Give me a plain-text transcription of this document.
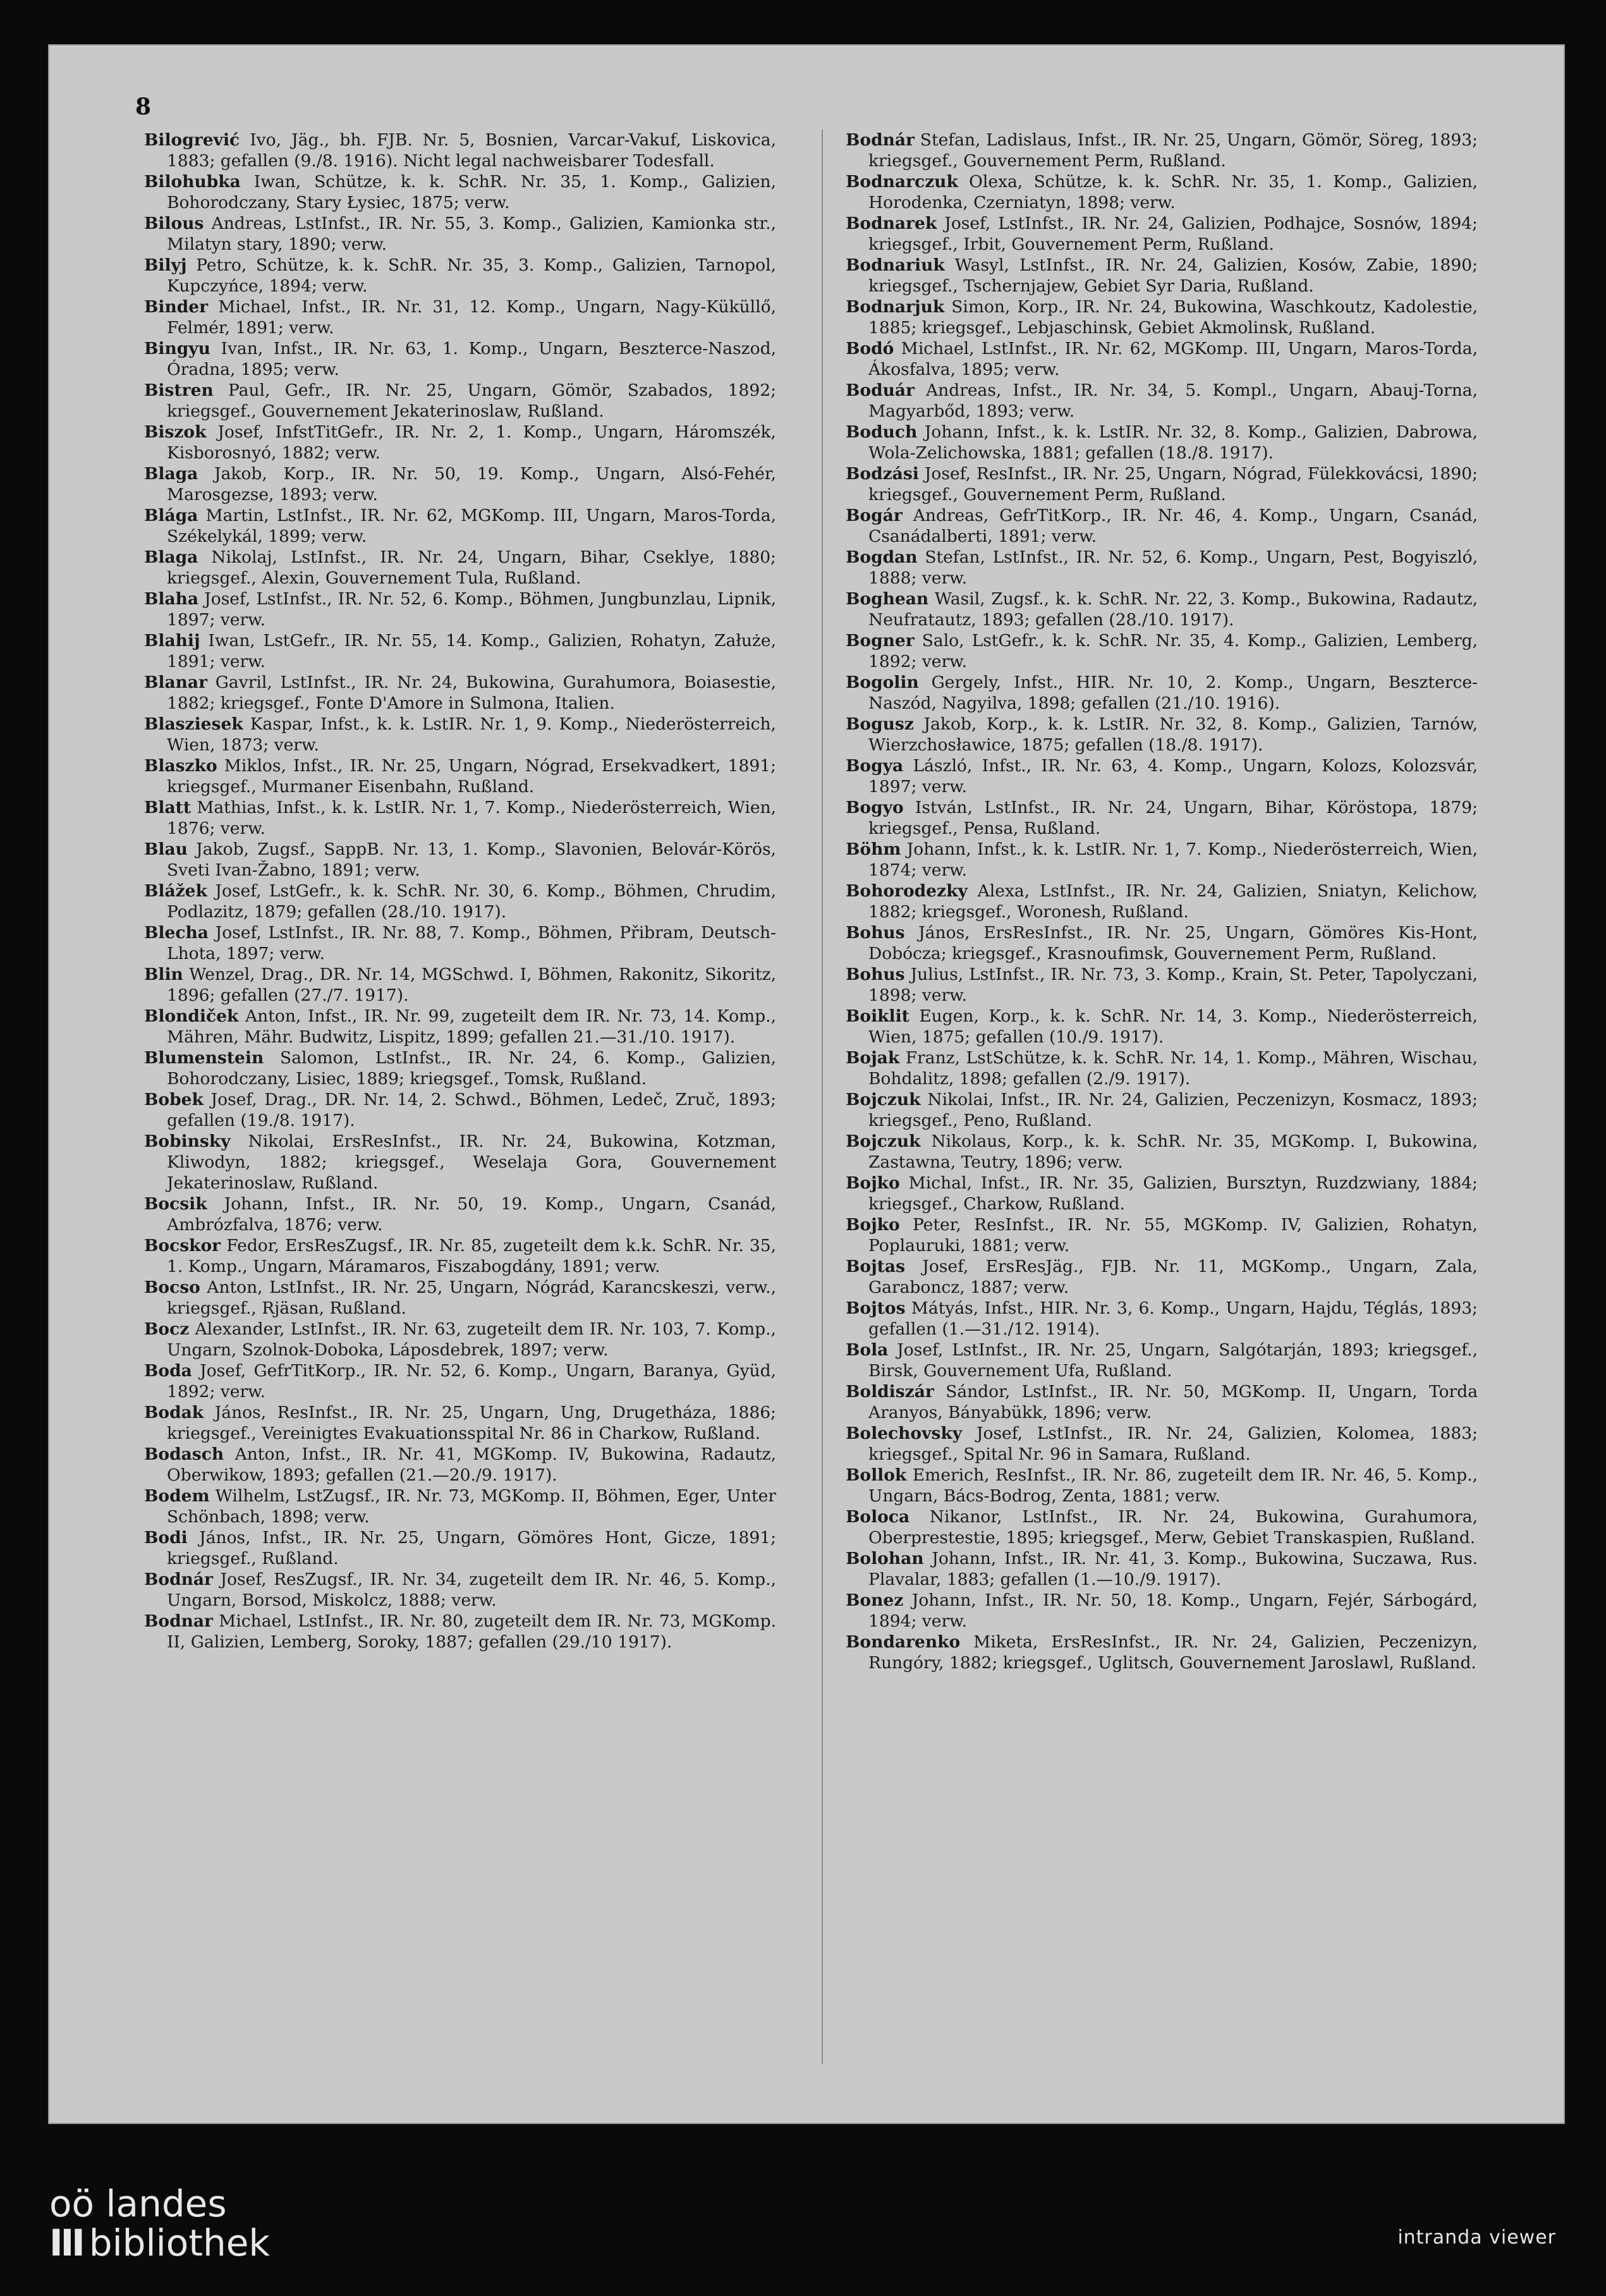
8

Bilogrević Ivo, Jäg., bh. FJB. Nr. 5, Bosnien, Varcar-Vakuf, Liskovica, 1883; gefallen (9./8. 1916). Nicht legal nachweisbarer Todesfall.

Bilohubka Iwan, Schütze, k. k. SchR. Nr. 35, 1. Komp., Galizien, Bohorodczany, Stary Łysiec, 1875; verw.

Bilous Andreas, LstInfst., IR. Nr. 55, 3. Komp., Galizien, Kamionka str., Milatyn stary, 1890; verw.

Bilyj Petro, Schütze, k. k. SchR. Nr. 35, 3. Komp., Galizien, Tarnopol, Kupczyńce, 1894; verw.

Binder Michael, Infst., IR. Nr. 31, 12. Komp., Ungarn, Nagy-Küküllő, Felmér, 1891; verw.

Bingyu Ivan, Infst., IR. Nr. 63, 1. Komp., Ungarn, Beszterce-Naszod, Óradna, 1895; verw.

Bistren Paul, Gefr., IR. Nr. 25, Ungarn, Gömör, Szabados, 1892; kriegsgef., Gouvernement Jekaterinoslaw, Rußland.

Biszok Josef, InfstTitGefr., IR. Nr. 2, 1. Komp., Ungarn, Háromszék, Kisborosnyó, 1882; verw.

Blaga Jakob, Korp., IR. Nr. 50, 19. Komp., Ungarn, Alsó-Fehér, Marosgezse, 1893; verw.

Blága Martin, LstInfst., IR. Nr. 62, MGKomp. III, Ungarn, Maros-Torda, Székelykál, 1899; verw.

Blaga Nikolaj, LstInfst., IR. Nr. 24, Ungarn, Bihar, Cseklye, 1880; kriegsgef., Alexin, Gouvernement Tula, Rußland.

Blaha Josef, LstInfst., IR. Nr. 52, 6. Komp., Böhmen, Jungbunzlau, Lipnik, 1897; verw.

Blahij Iwan, LstGefr., IR. Nr. 55, 14. Komp., Galizien, Rohatyn, Załuże, 1891; verw.

Blanar Gavril, LstInfst., IR. Nr. 24, Bukowina, Gurahumora, Boiasestie, 1882; kriegsgef., Fonte D'Amore in Sulmona, Italien.

Blasziesek Kaspar, Infst., k. k. LstIR. Nr. 1, 9. Komp., Niederösterreich, Wien, 1873; verw.

Blaszko Miklos, Infst., IR. Nr. 25, Ungarn, Nógrad, Ersekvadkert, 1891; kriegsgef., Murmaner Eisenbahn, Rußland.

Blatt Mathias, Infst., k. k. LstIR. Nr. 1, 7. Komp., Niederösterreich, Wien, 1876; verw.

Blau Jakob, Zugsf., SappB. Nr. 13, 1. Komp., Slavonien, Belovár-Körös, Sveti Ivan-Žabno, 1891; verw.

Blážek Josef, LstGefr., k. k. SchR. Nr. 30, 6. Komp., Böhmen, Chrudim, Podlazitz, 1879; gefallen (28./10. 1917).

Blecha Josef, LstInfst., IR. Nr. 88, 7. Komp., Böhmen, Přibram, Deutsch-Lhota, 1897; verw.

Blin Wenzel, Drag., DR. Nr. 14, MGSchwd. I, Böhmen, Rakonitz, Sikoritz, 1896; gefallen (27./7. 1917).

Blondiček Anton, Infst., IR. Nr. 99, zugeteilt dem IR. Nr. 73, 14. Komp., Mähren, Mähr. Budwitz, Lispitz, 1899; gefallen 21.—31./10. 1917).

Blumenstein Salomon, LstInfst., IR. Nr. 24, 6. Komp., Galizien, Bohorodczany, Lisiec, 1889; kriegsgef., Tomsk, Rußland.

Bobek Josef, Drag., DR. Nr. 14, 2. Schwd., Böhmen, Ledeč, Zruč, 1893; gefallen (19./8. 1917).

Bobinsky Nikolai, ErsResInfst., IR. Nr. 24, Bukowina, Kotzman, Kliwodyn, 1882; kriegsgef., Weselaja Gora, Gouvernement Jekaterinoslaw, Rußland.

Bocsik Johann, Infst., IR. Nr. 50, 19. Komp., Ungarn, Csanád, Ambrózfalva, 1876; verw.

Bocskor Fedor, ErsResZugsf., IR. Nr. 85, zugeteilt dem k.k. SchR. Nr. 35, 1. Komp., Ungarn, Máramaros, Fiszabogdány, 1891; verw.

Bocso Anton, LstInfst., IR. Nr. 25, Ungarn, Nógrád, Karancskeszi, verw., kriegsgef., Rjäsan, Rußland.

Bocz Alexander, LstInfst., IR. Nr. 63, zugeteilt dem IR. Nr. 103, 7. Komp., Ungarn, Szolnok-Doboka, Láposdebrek, 1897; verw.

Boda Josef, GefrTitKorp., IR. Nr. 52, 6. Komp., Ungarn, Baranya, Gyüd, 1892; verw.

Bodak János, ResInfst., IR. Nr. 25, Ungarn, Ung, Drugetháza, 1886; kriegsgef., Vereinigtes Evakuationsspital Nr. 86 in Charkow, Rußland.

Bodasch Anton, Infst., IR. Nr. 41, MGKomp. IV, Bukowina, Radautz, Oberwikow, 1893; gefallen (21.—20./9. 1917).

Bodem Wilhelm, LstZugsf., IR. Nr. 73, MGKomp. II, Böhmen, Eger, Unter Schönbach, 1898; verw.

Bodi János, Infst., IR. Nr. 25, Ungarn, Gömöres Hont, Gicze, 1891; kriegsgef., Rußland.

Bodnár Josef, ResZugsf., IR. Nr. 34, zugeteilt dem IR. Nr. 46, 5. Komp., Ungarn, Borsod, Miskolcz, 1888; verw.

Bodnar Michael, LstInfst., IR. Nr. 80, zugeteilt dem IR. Nr. 73, MGKomp. II, Galizien, Lemberg, Soroky, 1887; gefallen (29./10 1917).

Bodnár Stefan, Ladislaus, Infst., IR. Nr. 25, Ungarn, Gömör, Söreg, 1893; kriegsgef., Gouvernement Perm, Rußland.

Bodnarczuk Olexa, Schütze, k. k. SchR. Nr. 35, 1. Komp., Galizien, Horodenka, Czerniatyn, 1898; verw.

Bodnarek Josef, LstInfst., IR. Nr. 24, Galizien, Podhajce, Sosnów, 1894; kriegsgef., Irbit, Gouvernement Perm, Rußland.

Bodnariuk Wasyl, LstInfst., IR. Nr. 24, Galizien, Kosów, Zabie, 1890; kriegsgef., Tschernjajew, Gebiet Syr Daria, Rußland.

Bodnarjuk Simon, Korp., IR. Nr. 24, Bukowina, Waschkoutz, Kadolestie, 1885; kriegsgef., Lebjaschinsk, Gebiet Akmolinsk, Rußland.

Bodó Michael, LstInfst., IR. Nr. 62, MGKomp. III, Ungarn, Maros-Torda, Ákosfalva, 1895; verw.

Boduár Andreas, Infst., IR. Nr. 34, 5. Kompl., Ungarn, Abauj-Torna, Magyarbőd, 1893; verw.

Boduch Johann, Infst., k. k. LstIR. Nr. 32, 8. Komp., Galizien, Dabrowa, Wola-Zelichowska, 1881; gefallen (18./8. 1917).

Bodzási Josef, ResInfst., IR. Nr. 25, Ungarn, Nógrad, Fülekkovácsi, 1890; kriegsgef., Gouvernement Perm, Rußland.

Bogár Andreas, GefrTitKorp., IR. Nr. 46, 4. Komp., Ungarn, Csanád, Csanádalberti, 1891; verw.

Bogdan Stefan, LstInfst., IR. Nr. 52, 6. Komp., Ungarn, Pest, Bogyiszló, 1888; verw.

Boghean Wasil, Zugsf., k. k. SchR. Nr. 22, 3. Komp., Bukowina, Radautz, Neufratautz, 1893; gefallen (28./10. 1917).

Bogner Salo, LstGefr., k. k. SchR. Nr. 35, 4. Komp., Galizien, Lemberg, 1892; verw.

Bogolin Gergely, Infst., HIR. Nr. 10, 2. Komp., Ungarn, Beszterce-Naszód, Nagyilva, 1898; gefallen (21./10. 1916).

Bogusz Jakob, Korp., k. k. LstIR. Nr. 32, 8. Komp., Galizien, Tarnów, Wierzchosławice, 1875; gefallen (18./8. 1917).

Bogya László, Infst., IR. Nr. 63, 4. Komp., Ungarn, Kolozs, Kolozsvár, 1897; verw.

Bogyo István, LstInfst., IR. Nr. 24, Ungarn, Bihar, Köröstopa, 1879; kriegsgef., Pensa, Rußland.

Böhm Johann, Infst., k. k. LstIR. Nr. 1, 7. Komp., Niederösterreich, Wien, 1874; verw.

Bohorodezky Alexa, LstInfst., IR. Nr. 24, Galizien, Sniatyn, Kelichow, 1882; kriegsgef., Woronesh, Rußland.

Bohus János, ErsResInfst., IR. Nr. 25, Ungarn, Gömöres Kis-Hont, Dobócza; kriegsgef., Krasnoufimsk, Gouvernement Perm, Rußland.

Bohus Julius, LstInfst., IR. Nr. 73, 3. Komp., Krain, St. Peter, Tapolyczani, 1898; verw.

Boiklit Eugen, Korp., k. k. SchR. Nr. 14, 3. Komp., Niederösterreich, Wien, 1875; gefallen (10./9. 1917).

Bojak Franz, LstSchütze, k. k. SchR. Nr. 14, 1. Komp., Mähren, Wischau, Bohdalitz, 1898; gefallen (2./9. 1917).

Bojczuk Nikolai, Infst., IR. Nr. 24, Galizien, Peczenizyn, Kosmacz, 1893; kriegsgef., Peno, Rußland.

Bojczuk Nikolaus, Korp., k. k. SchR. Nr. 35, MGKomp. I, Bukowina, Zastawna, Teutry, 1896; verw.

Bojko Michal, Infst., IR. Nr. 35, Galizien, Bursztyn, Ruzdzwiany, 1884; kriegsgef., Charkow, Rußland.

Bojko Peter, ResInfst., IR. Nr. 55, MGKomp. IV, Galizien, Rohatyn, Poplauruki, 1881; verw.

Bojtas Josef, ErsResJäg., FJB. Nr. 11, MGKomp., Ungarn, Zala, Garaboncz, 1887; verw.

Bojtos Mátyás, Infst., HIR. Nr. 3, 6. Komp., Ungarn, Hajdu, Téglás, 1893; gefallen (1.—31./12. 1914).

Bola Josef, LstInfst., IR. Nr. 25, Ungarn, Salgótarján, 1893; kriegsgef., Birsk, Gouvernement Ufa, Rußland.

Boldiszár Sándor, LstInfst., IR. Nr. 50, MGKomp. II, Ungarn, Torda Aranyos, Bányabükk, 1896; verw.

Bolechovsky Josef, LstInfst., IR. Nr. 24, Galizien, Kolomea, 1883; kriegsgef., Spital Nr. 96 in Samara, Rußland.

Bollok Emerich, ResInfst., IR. Nr. 86, zugeteilt dem IR. Nr. 46, 5. Komp., Ungarn, Bács-Bodrog, Zenta, 1881; verw.

Boloca Nikanor, LstInfst., IR. Nr. 24, Bukowina, Gurahumora, Oberprestestie, 1895; kriegsgef., Merw, Gebiet Transkaspien, Rußland.

Bolohan Johann, Infst., IR. Nr. 41, 3. Komp., Bukowina, Suczawa, Rus. Plavalar, 1883; gefallen (1.—10./9. 1917).

Bonez Johann, Infst., IR. Nr. 50, 18. Komp., Ungarn, Fejér, Sárbogárd, 1894; verw.

Bondarenko Miketa, ErsResInfst., IR. Nr. 24, Galizien, Peczenizyn, Rungóry, 1882; kriegsgef., Uglitsch, Gouvernement Jaroslawl, Rußland.

oö landes
III bibliothek	intranda viewer
